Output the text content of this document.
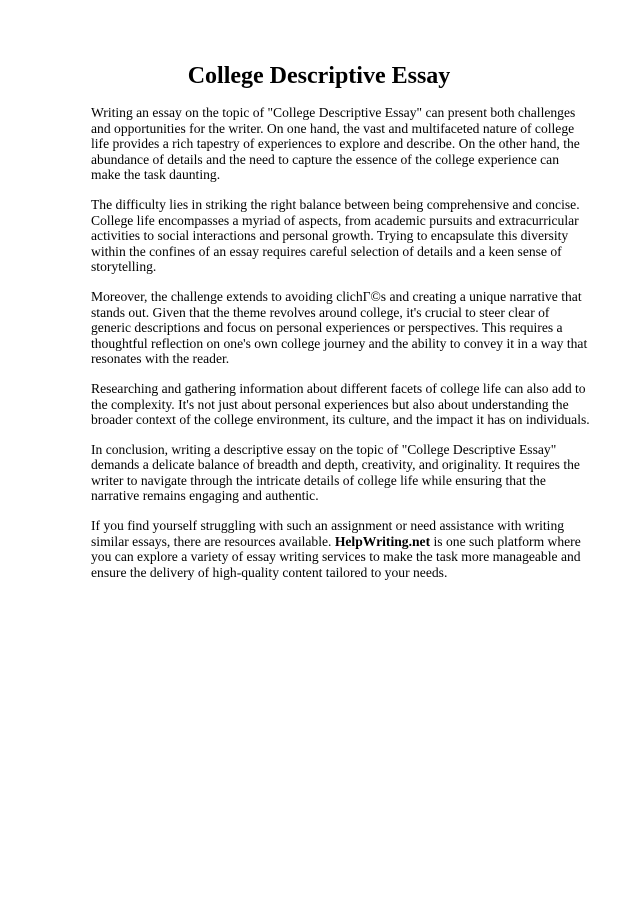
College Descriptive Essay

Writing an essay on the topic of "College Descriptive Essay" can present both challenges and opportunities for the writer. On one hand, the vast and multifaceted nature of college life provides a rich tapestry of experiences to explore and describe. On the other hand, the abundance of details and the need to capture the essence of the college experience can make the task daunting.

The difficulty lies in striking the right balance between being comprehensive and concise. College life encompasses a myriad of aspects, from academic pursuits and extracurricular activities to social interactions and personal growth. Trying to encapsulate this diversity within the confines of an essay requires careful selection of details and a keen sense of storytelling.

Moreover, the challenge extends to avoiding clichГ©s and creating a unique narrative that stands out. Given that the theme revolves around college, it's crucial to steer clear of generic descriptions and focus on personal experiences or perspectives. This requires a thoughtful reflection on one's own college journey and the ability to convey it in a way that resonates with the reader.

Researching and gathering information about different facets of college life can also add to the complexity. It's not just about personal experiences but also about understanding the broader context of the college environment, its culture, and the impact it has on individuals.

In conclusion, writing a descriptive essay on the topic of "College Descriptive Essay" demands a delicate balance of breadth and depth, creativity, and originality. It requires the writer to navigate through the intricate details of college life while ensuring that the narrative remains engaging and authentic.

If you find yourself struggling with such an assignment or need assistance with writing similar essays, there are resources available. HelpWriting.net is one such platform where you can explore a variety of essay writing services to make the task more manageable and ensure the delivery of high-quality content tailored to your needs.
